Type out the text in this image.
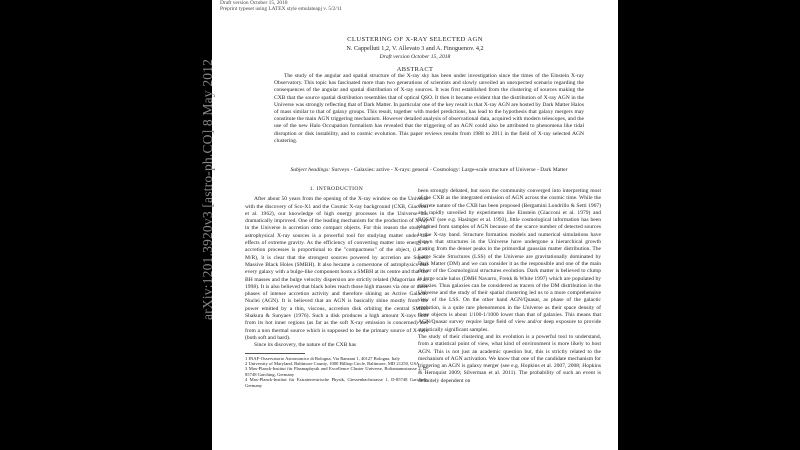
Draft version October 15, 2018
Preprint typeset using LATEX style emulateapj v. 5/2/11
CLUSTERING OF X-RAY SELECTED AGN
N. Cappelluti 1,2, V. Allevato 3 and A. Finoguenov. 4,2
Draft version October 15, 2018
ABSTRACT
The study of the angular and spatial structure of the X-ray sky has been under investigation since the times of the Einstein X-ray Observatory. This topic has fascinated more than two generations of scientists and slowly unveiled an unexpected scenario regarding the consequences of the angular and spatial distribution of X-ray sources. It was first established from the clustering of sources making the CXB that the source spatial distribution resembles that of optical QSO. It then it became evident that the distribution of X-ray AGN in the Universe was strongly reflecting that of Dark Matter. In particular one of the key result is that X-ray AGN are hosted by Dark Matter Halos of mass similar to that of galaxy groups. This result, together with model predictions, has lead to the hypothesis that galaxy mergers may constitute the main AGN triggering mechanism. However detailed analysis of observational data, acquired with modern telescopes, and the use of the new Halo Occupation formalism has revealed that the triggering of an AGN could also be attributed to phenomena like tidal disruption or disk instability, and to cosmic evolution. This paper reviews results from 1988 to 2011 in the field of X-ray selected AGN clustering.
Subject headings: Surveys - Galaxies: active - X-rays: general - Cosmology: Large-scale structure of Universe - Dark Matter
1. INTRODUCTION

After about 50 years from the opening of the X-ray window on the Universe with the discovery of Sco-X1 and the Cosmic X-ray background (CXB, Giacconi et al. 1962), our knowledge of high energy processes in the Universe has dramatically improved. One of the leading mechanism for the production of X-ray in the Universe is accretion onto compact objects. For this reason the study of astrophysical X-ray sources is a powerful tool for studying matter under the effects of extreme gravity. As the efficiency of converting matter into energy in accretion processes is proportional to the "compactness" of the object, (i.e. ∝ M/R), it is clear that the strongest sources powered by accretion are Super-Massive Black Holes (SMBH). It also became a cornerstone of astrophysics that every galaxy with a bulge-like component hosts a SMBH at its centre and that the BH masses and the bulge velocity dispersion are strictly related (Magorrian et al. 1998). It is also believed that black holes reach those high masses via one or more phases of intense accretion activity and therefore shining as Active Galactic Nuclei (AGN). It is believed that an AGN is basically shine mostly from the power emitted by a thin, viscous, accretion disk orbiting the central SMBH Shakura & Sunyaev (1976). Such a disk produces a high amount X-rays both from its hot inner regions (as far as the soft X-ray emission is concerned) and from a non thermal source which is supposed to be the primary source of X-rays (both soft and hard).

Since its discovery, the nature of the CXB has

1 INAF-Osservatorio Astronomico di Bologna, Via Ranzani 1, 40127 Bologna, Italy
2 University of Maryland, Baltimore County, 1000 Hilltop Circle, Baltimore, MD 21250, USA
3 Max-Planck-Institut für Plasmaphysik and Excellence Cluster Universe, Boltzmannstrasse 2, D-85748 Garching, Germany
4 Max-Planck-Institut für Extraterrestrische Physik, Giessenbachstrasse 1, D-85748 Garching, Germany

been strongly debated, but soon the community converged into interpreting most of the CXB as the integrated emission of AGN across the cosmic time. While the discrete nature of the CXB has been proposed (Bergamini Londrillo & Setti 1967) and rapidly unveiled by experiments like Einstein (Giacconi et al. 1979) and ROSAT (see e.g. Hasinger et al. 1993), little cosmological information has been obtained from samples of AGN because of the scarce number of detected sources in the X-ray band. Structure formation models and numerical simulations have shown that structures in the Universe have undergone a hierarchical growth starting from the denser peaks in the primordial gaussian matter distribution. The Large Scale Structures (LSS) of the Universe are gravitationally dominated by Dark Matter (DM) and we can consider it as the responsible and one of the main driver of the Cosmological structures evolution. Dark matter is believed to clump in large scale halos (DMH Navarro, Frenk & White 1997) which are populated by galaxies. Thus galaxies can be considered as tracers of the DM distribution in the Universe and the study of their spatial clustering led us to a more comprehensive view of the LSS. On the other hand AGN/Quasar, as phase of the galactic evolution, is a quite rare phenomenon in the Universe as their space density of these objects is about 1/100-1/1000 lower than that of galaxies. This means that AGN/Quasar survey require large field of view and/or deep exposure to provide statistically significant samples.

The study of their clustering and its evolution is a powerful tool to understand, from a statistical point of view, what kind of environment is more likely to host AGN. This is not just an academic question but, this is strictly related to the mechanism of AGN activation. We know that one of the candidate mechanism for triggering an AGN is galaxy merger (see e.g. Hopkins et al. 2007, 2008; Hopkins & Hernquist 2009; Silverman et al. 2011). The probability of such an event is definitely dependent on

arXiv:1201.3920v3 [astro-ph.CO] 8 May 2012
